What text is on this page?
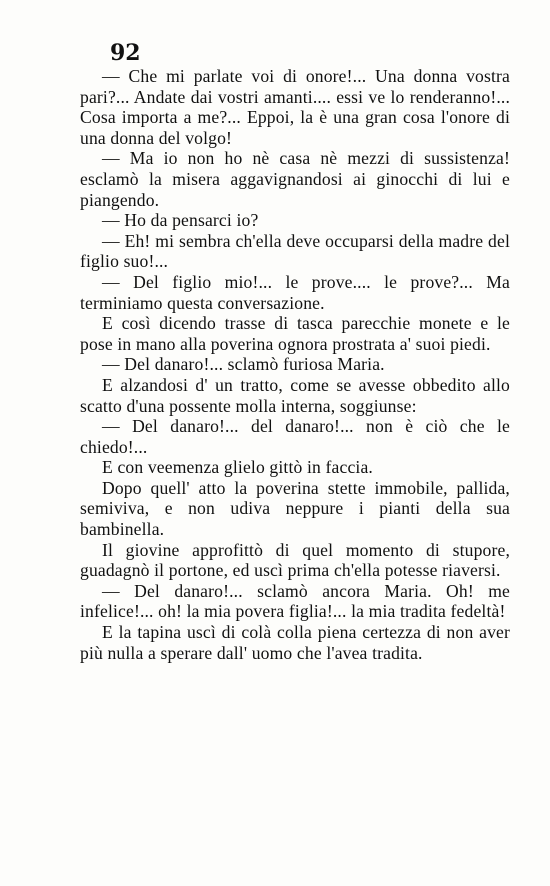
92

— Che mi parlate voi di onore!... Una donna vostra pari?... Andate dai vostri amanti.... essi ve lo renderanno!... Cosa importa a me?... Eppoi, la è una gran cosa l'onore di una donna del volgo!

— Ma io non ho nè casa nè mezzi di sussistenza! esclamò la misera aggavignandosi ai ginocchi di lui e piangendo.

— Ho da pensarci io?

— Eh! mi sembra ch'ella deve occuparsi della madre del figlio suo!...

— Del figlio mio!... le prove.... le prove?... Ma terminiamo questa conversazione.

E così dicendo trasse di tasca parecchie monete e le pose in mano alla poverina ognora prostrata a' suoi piedi.

— Del danaro!... sclamò furiosa Maria.

E alzandosi d' un tratto, come se avesse obbedito allo scatto d'una possente molla interna, soggiunse:

— Del danaro!... del danaro!... non è ciò che le chiedo!...

E con veemenza glielo gittò in faccia.

Dopo quell' atto la poverina stette immobile, pallida, semiviva, e non udiva neppure i pianti della sua bambinella.

Il giovine approfittò di quel momento di stupore, guadagnò il portone, ed uscì prima ch'ella potesse riaversi.

— Del danaro!... sclamò ancora Maria. Oh! me infelice!... oh! la mia povera figlia!... la mia tradita fedeltà!

E la tapina uscì di colà colla piena certezza di non aver più nulla a sperare dall' uomo che l'avea tradita.
